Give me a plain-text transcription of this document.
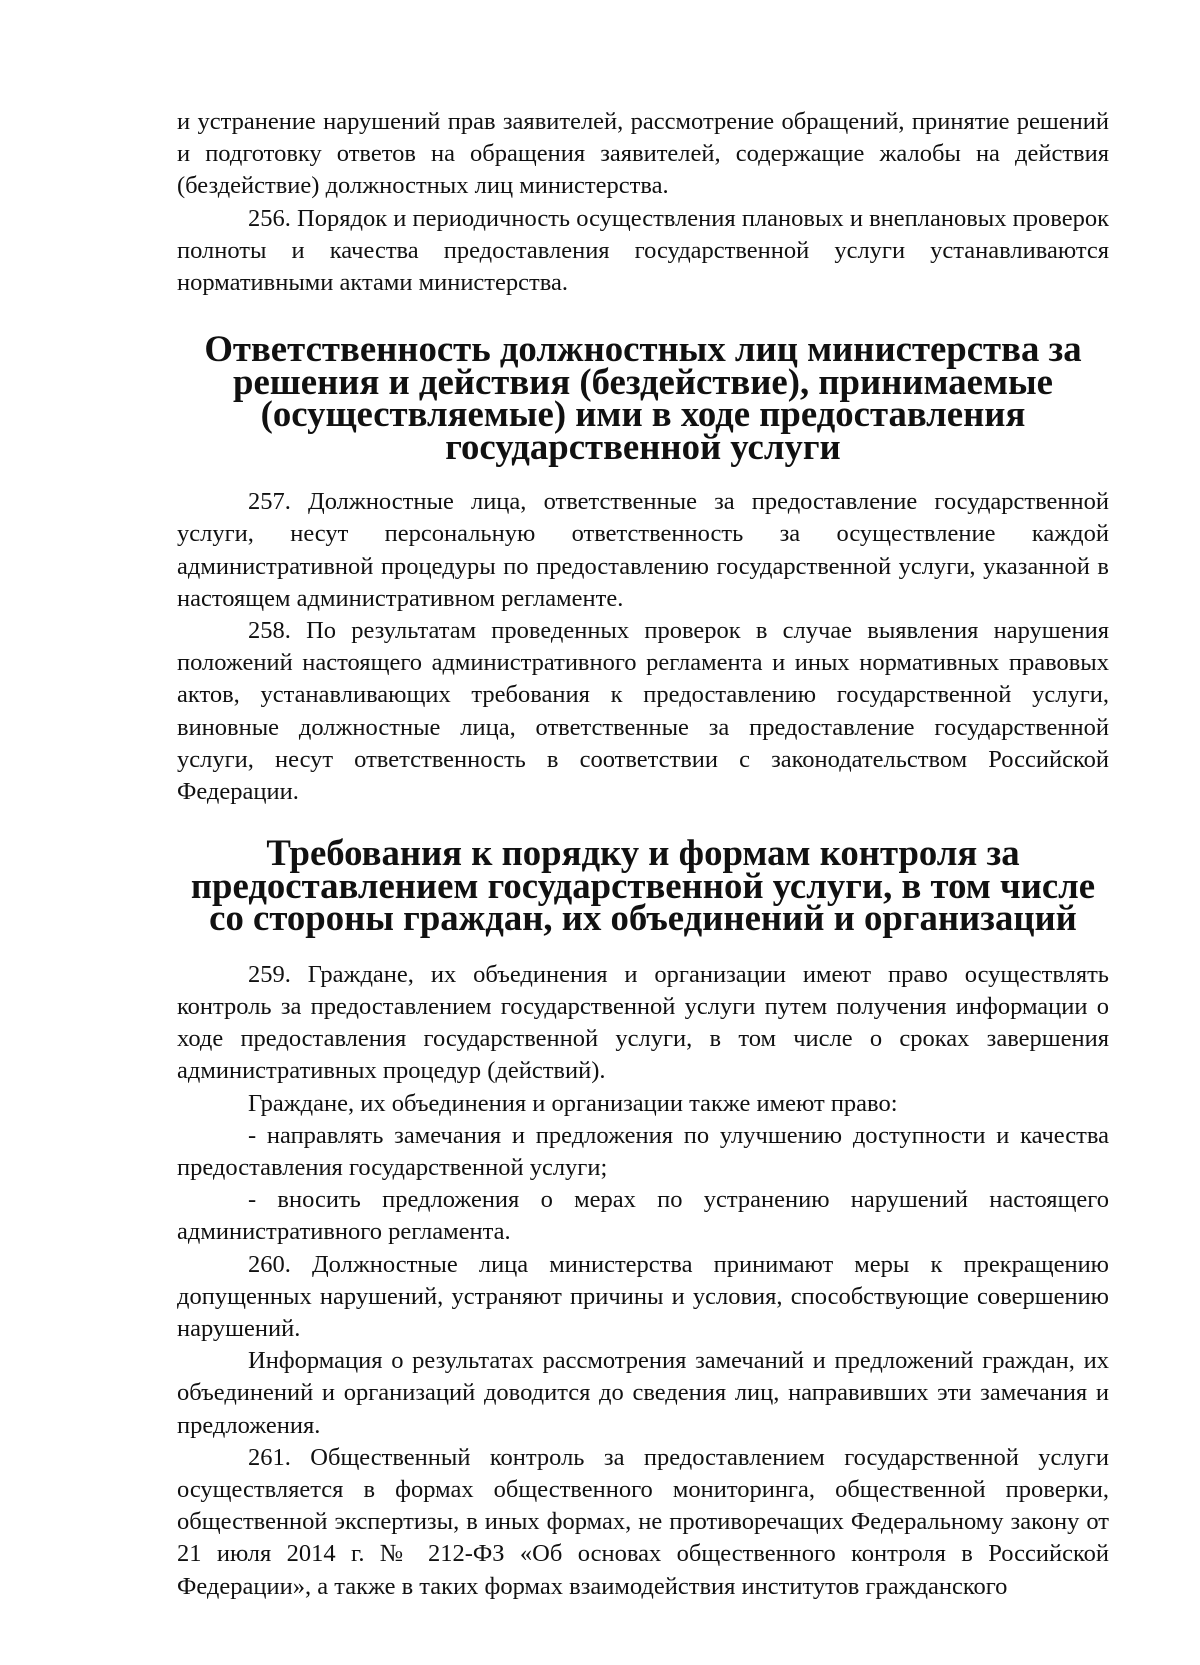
и устранение нарушений прав заявителей, рассмотрение обращений, принятие решений и подготовку ответов на обращения заявителей, содержащие жалобы на действия (бездействие) должностных лиц министерства.

256. Порядок и периодичность осуществления плановых и внеплановых проверок полноты и качества предоставления государственной услуги устанавливаются нормативными актами министерства.

Ответственность должностных лиц министерства за решения и действия (бездействие), принимаемые (осуществляемые) ими в ходе предоставления государственной услуги

257. Должностные лица, ответственные за предоставление государственной услуги, несут персональную ответственность за осуществление каждой административной процедуры по предоставлению государственной услуги, указанной в настоящем административном регламенте.

258. По результатам проведенных проверок в случае выявления нарушения положений настоящего административного регламента и иных нормативных правовых актов, устанавливающих требования к предоставлению государственной услуги, виновные должностные лица, ответственные за предоставление государственной услуги, несут ответственность в соответствии с законодательством Российской Федерации.

Требования к порядку и формам контроля за предоставлением государственной услуги, в том числе со стороны граждан, их объединений и организаций

259. Граждане, их объединения и организации имеют право осуществлять контроль за предоставлением государственной услуги путем получения информации о ходе предоставления государственной услуги, в том числе о сроках завершения административных процедур (действий).

Граждане, их объединения и организации также имеют право:

- направлять замечания и предложения по улучшению доступности и качества предоставления государственной услуги;

- вносить предложения о мерах по устранению нарушений настоящего административного регламента.

260. Должностные лица министерства принимают меры к прекращению допущенных нарушений, устраняют причины и условия, способствующие совершению нарушений.

Информация о результатах рассмотрения замечаний и предложений граждан, их объединений и организаций доводится до сведения лиц, направивших эти замечания и предложения.

261. Общественный контроль за предоставлением государственной услуги осуществляется в формах общественного мониторинга, общественной проверки, общественной экспертизы, в иных формах, не противоречащих Федеральному закону от 21 июля 2014 г. № 212-ФЗ «Об основах общественного контроля в Российской Федерации», а также в таких формах взаимодействия институтов гражданского
